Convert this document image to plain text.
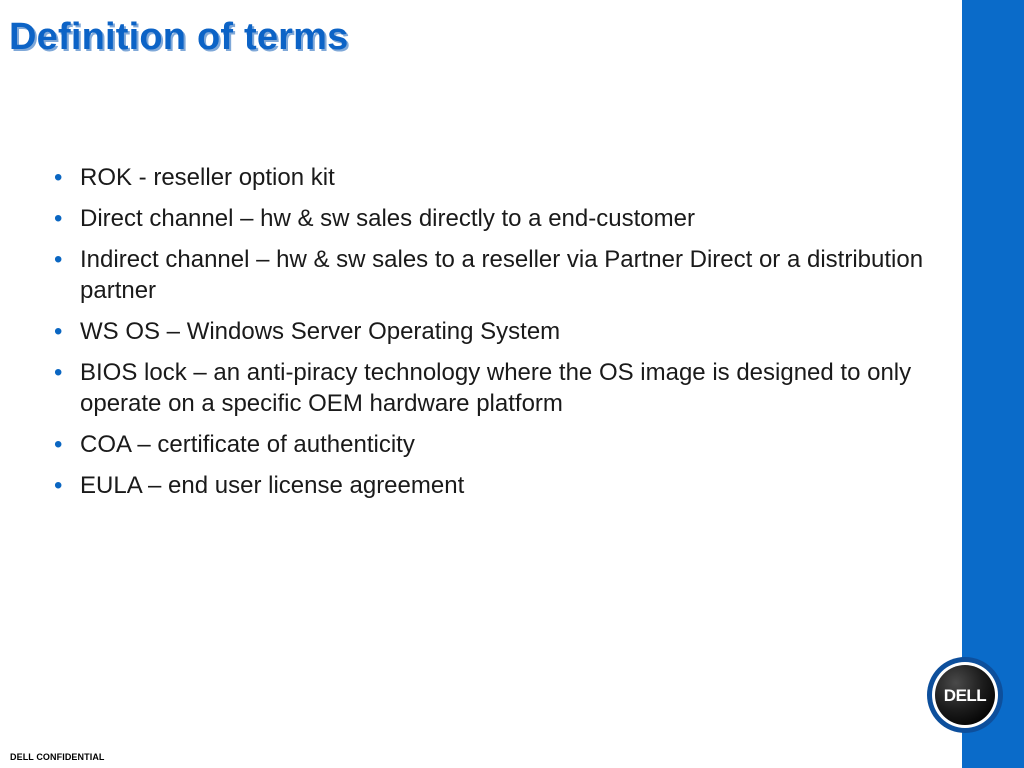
Definition of terms
• ROK - reseller option kit
• Direct channel – hw & sw sales directly to a end-customer
• Indirect channel – hw & sw sales to a reseller via Partner Direct or a distribution partner
• WS OS – Windows Server Operating System
• BIOS lock – an anti-piracy technology where the OS image is designed to only operate on a specific OEM hardware platform
• COA – certificate of authenticity
• EULA – end user license agreement
DELL
DELL CONFIDENTIAL
